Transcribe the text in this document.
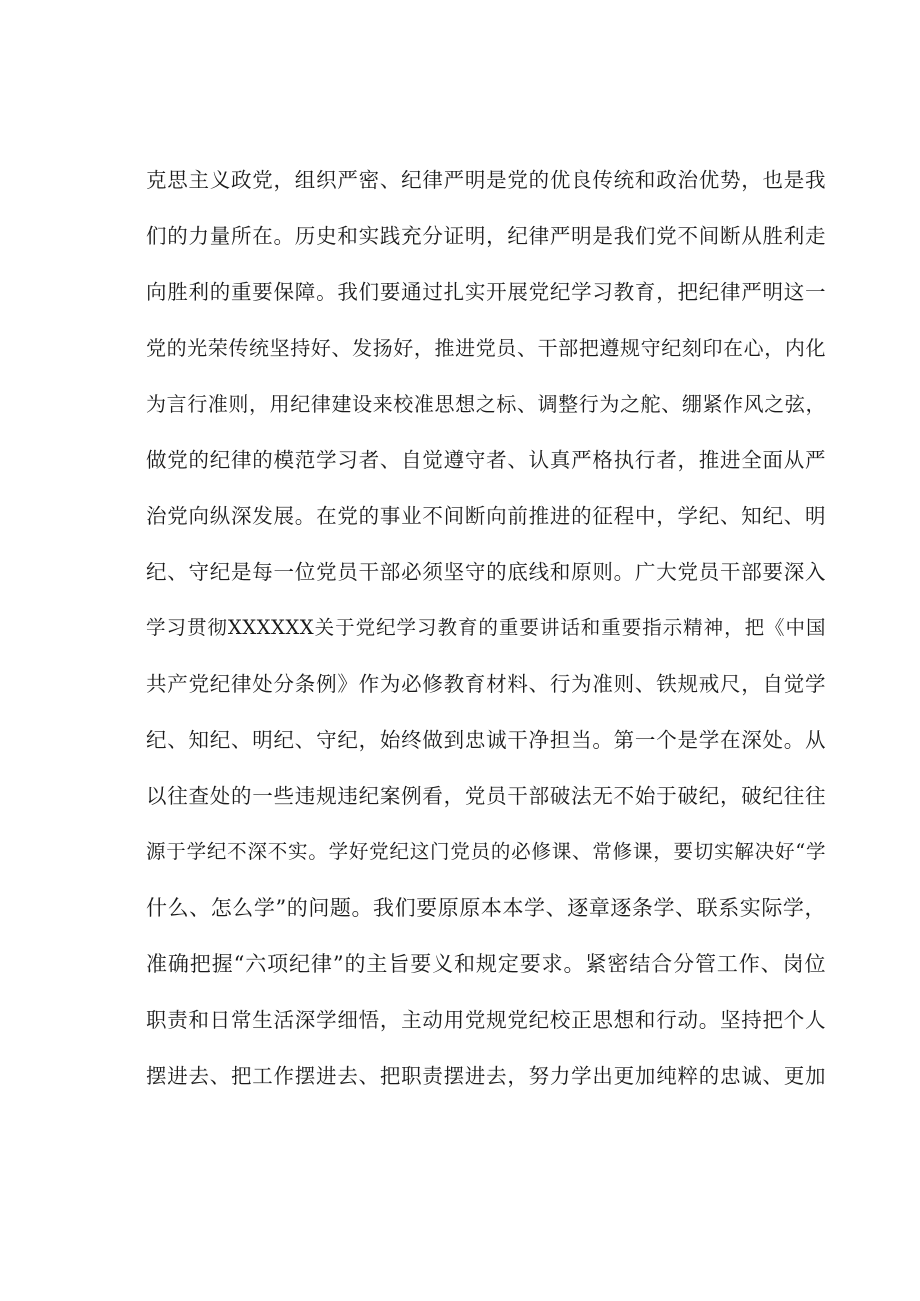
克思主义政党，组织严密、纪律严明是党的优良传统和政治优势，也是我
们的力量所在。历史和实践充分证明，纪律严明是我们党不间断从胜利走
向胜利的重要保障。我们要通过扎实开展党纪学习教育，把纪律严明这一
党的光荣传统坚持好、发扬好，推进党员、干部把遵规守纪刻印在心，内化
为言行准则，用纪律建设来校准思想之标、调整行为之舵、绷紧作风之弦，
做党的纪律的模范学习者、自觉遵守者、认真严格执行者，推进全面从严
治党向纵深发展。在党的事业不间断向前推进的征程中，学纪、知纪、明
纪、守纪是每一位党员干部必须坚守的底线和原则。广大党员干部要深入
学习贯彻XXXXXX关于党纪学习教育的重要讲话和重要指示精神，把《中国
共产党纪律处分条例》作为必修教育材料、行为准则、铁规戒尺，自觉学
纪、知纪、明纪、守纪，始终做到忠诚干净担当。第一个是学在深处。从
以往查处的一些违规违纪案例看，党员干部破法无不始于破纪，破纪往往
源于学纪不深不实。学好党纪这门党员的必修课、常修课，要切实解决好“学
什么、怎么学”的问题。我们要原原本本学、逐章逐条学、联系实际学，
准确把握“六项纪律”的主旨要义和规定要求。紧密结合分管工作、岗位
职责和日常生活深学细悟，主动用党规党纪校正思想和行动。坚持把个人
摆进去、把工作摆进去、把职责摆进去，努力学出更加纯粹的忠诚、更加
